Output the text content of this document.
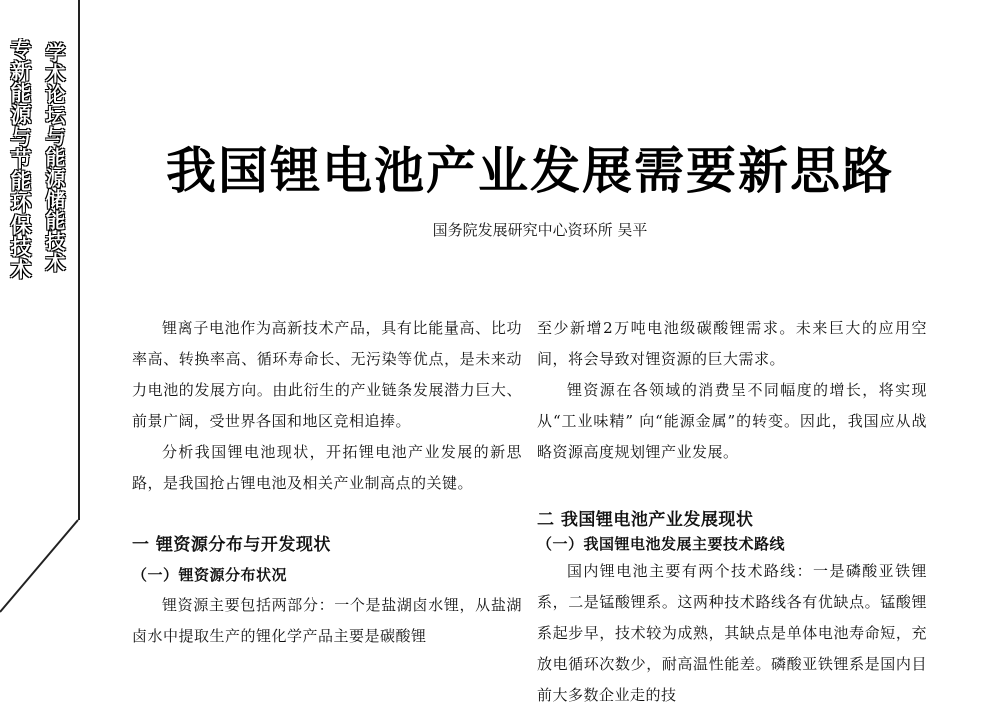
专新能源与节能环保技术 学术论坛与能源储能技术	我国锂电池产业发展需要新思路
国务院发展研究中心资环所 吴平

锂离子电池作为高新技术产品，具有比能量高、比功率高、转换率高、循环寿命长、无污染等优点，是未来动力电池的发展方向。由此衍生的产业链条发展潜力巨大、前景广阔，受世界各国和地区竞相追捧。

分析我国锂电池现状，开拓锂电池产业发展的新思路，是我国抢占锂电池及相关产业制高点的关键。

一 锂资源分布与开发现状

（一）锂资源分布状况

锂资源主要包括两部分：一个是盐湖卤水锂，从盐湖卤水中提取生产的锂化学产品主要是碳酸锂

至少新增2万吨电池级碳酸锂需求。未来巨大的应用空间，将会导致对锂资源的巨大需求。

锂资源在各领域的消费呈不同幅度的增长，将实现从“工业味精” 向“能源金属”的转变。因此，我国应从战略资源高度规划锂产业发展。

二 我国锂电池产业发展现状

（一）我国锂电池发展主要技术路线

国内锂电池主要有两个技术路线：一是磷酸亚铁锂系，二是锰酸锂系。这两种技术路线各有优缺点。锰酸锂系起步早，技术较为成熟，其缺点是单体电池寿命短，充放电循环次数少，耐高温性能差。磷酸亚铁锂系是国内目前大多数企业走的技
